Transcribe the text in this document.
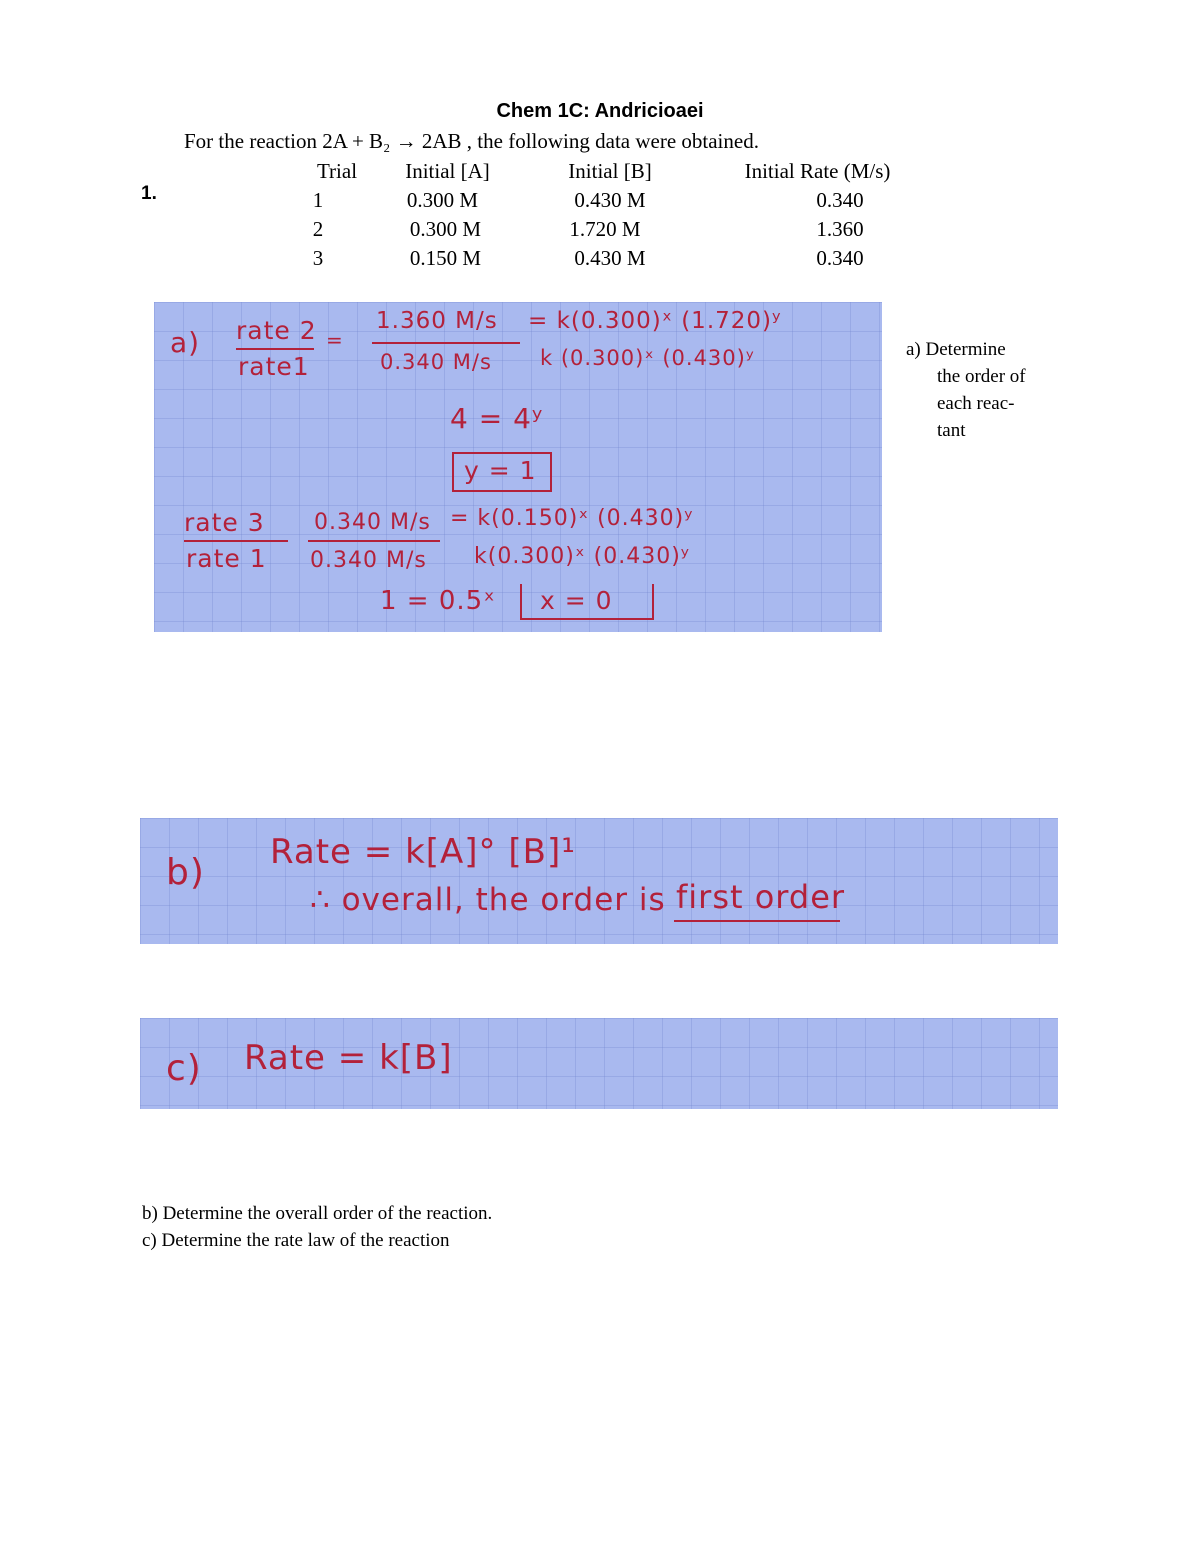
Chem 1C: Andricioaei
For the reaction 2A + B₂ → 2AB , the following data were obtained.
1.
Trial	Initial [A]	Initial [B]	Initial Rate (M/s)
1	0.300 M	0.430 M	0.340
2	0.300 M	1.720 M	1.360
3	0.150 M	0.430 M	0.340
a) Determine
the order of
each reac-
tant
a) rate 2
rate1
=
1.360 M/s
0.340 M/s
= k(0.300)ˣ (1.720)ʸ
k (0.300)ˣ (0.430)ʸ
4 = 4ʸ
y = 1
rate 3
rate 1
0.340 M/s
0.340 M/s
= k(0.150)ˣ (0.430)ʸ
k(0.300)ˣ (0.430)ʸ
1 = 0.5ˣ x = 0
b) Rate = k[A]° [B]¹
∴ overall, the order is first order
c) Rate = k[B]
b) Determine the overall order of the reaction.
c) Determine the rate law of the reaction
